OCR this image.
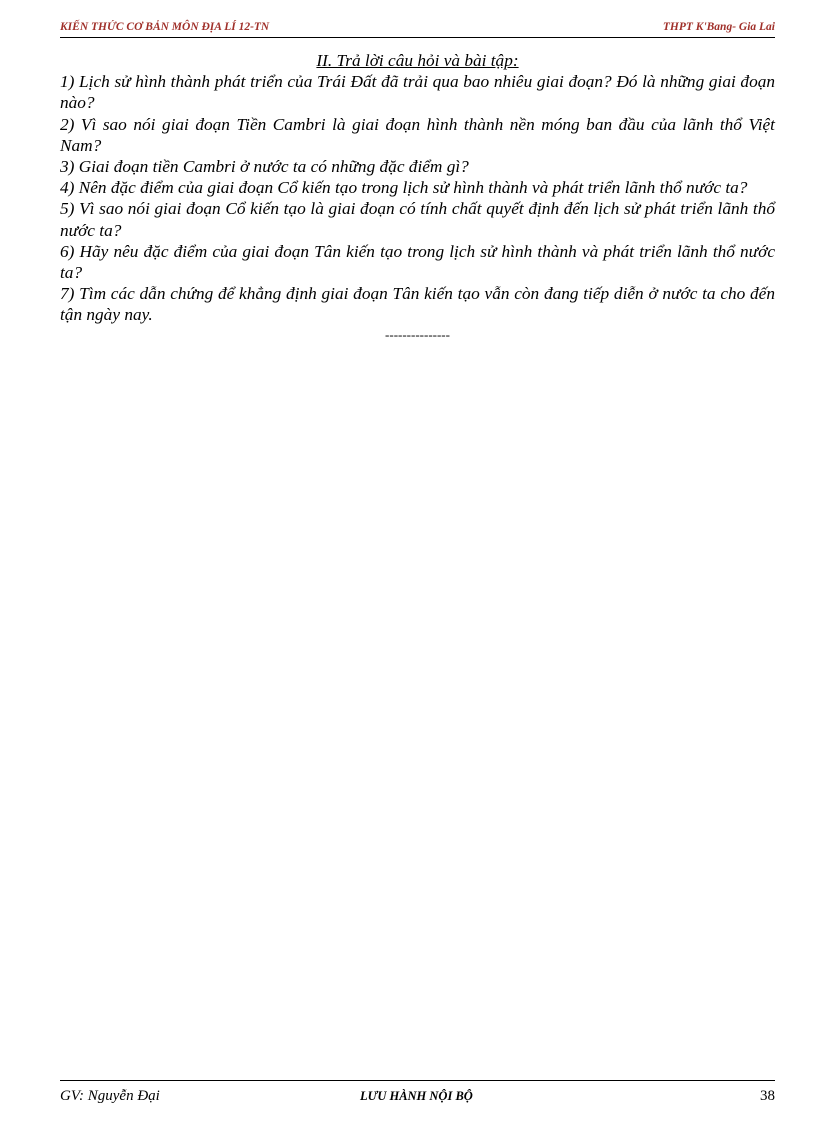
KIẾN THỨC CƠ BẢN MÔN ĐỊA LÍ 12-TN	THPT K'Bang- Gia Lai

II. Trả lời câu hỏi và bài tập:

1) Lịch sử hình thành phát triển của Trái Đất đã trải qua bao nhiêu giai đoạn? Đó là những giai đoạn nào?

2) Vì sao nói giai đoạn Tiền Cambri là giai đoạn hình thành nền móng ban đầu của lãnh thổ Việt Nam?

3) Giai đoạn tiền Cambri ở nước ta có những đặc điểm gì?

4) Nên đặc điểm của giai đoạn Cổ kiến tạo trong lịch sử hình thành và phát triển lãnh thổ nước ta?

5) Vì sao nói giai đoạn Cổ kiến tạo là giai đoạn có tính chất quyết định đến lịch sử phát triển lãnh thổ nước ta?

6) Hãy nêu đặc điểm của giai đoạn Tân kiến tạo trong lịch sử hình thành và phát triển lãnh thổ nước ta?

7) Tìm các dẫn chứng để khẳng định giai đoạn Tân kiến tạo vẫn còn đang tiếp diễn ở nước ta cho đến tận ngày nay.

---------------

GV: Nguyễn Đại	LƯU HÀNH NỘI BỘ	38
